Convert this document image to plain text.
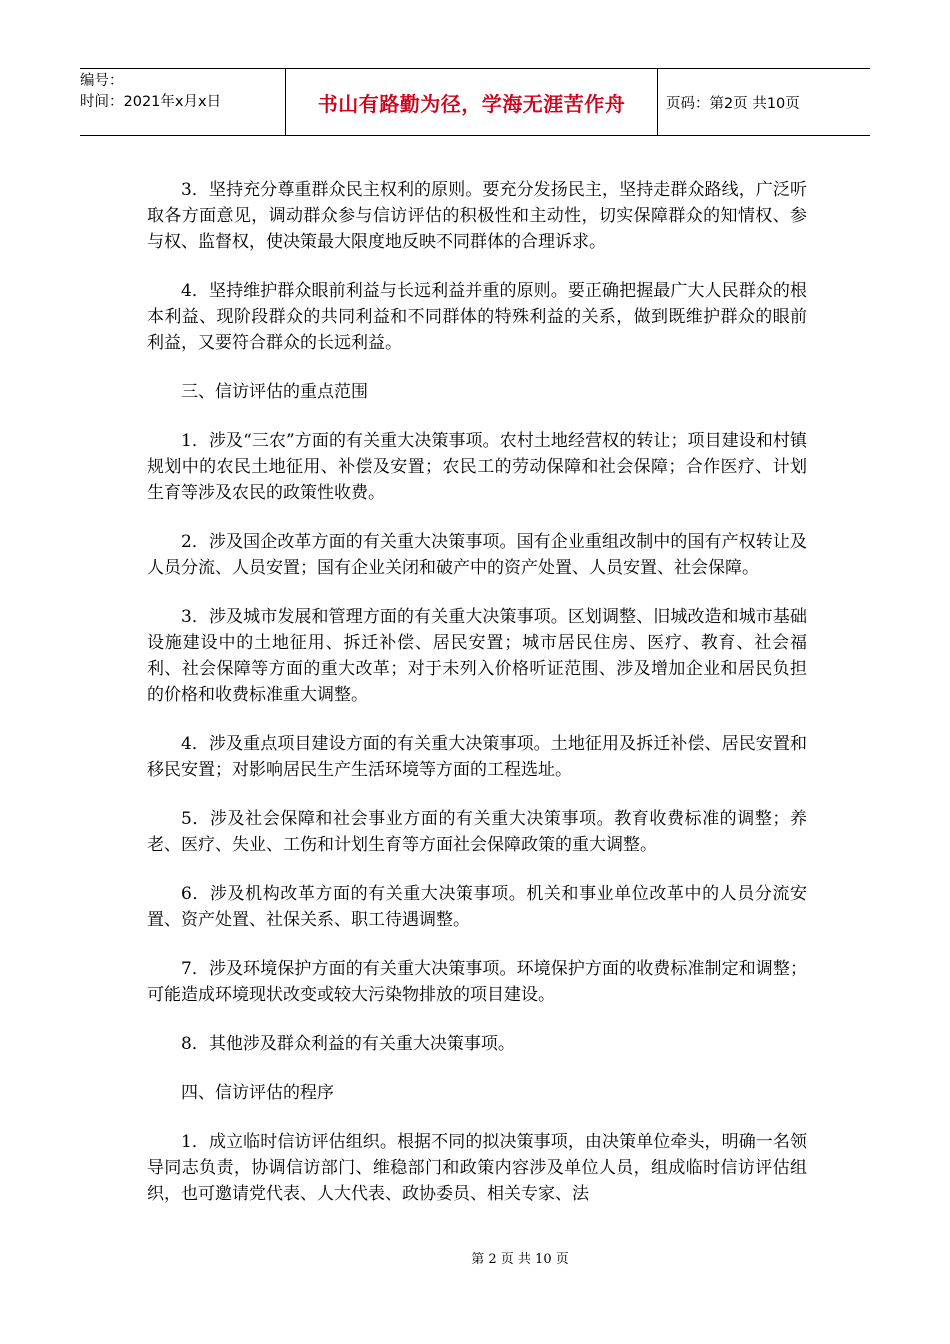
编号：
时间：2021年x月x日	书山有路勤为径，学海无涯苦作舟	页码：第2页 共10页

3．坚持充分尊重群众民主权利的原则。要充分发扬民主，坚持走群众路线，广泛听取各方面意见，调动群众参与信访评估的积极性和主动性，切实保障群众的知情权、参与权、监督权，使决策最大限度地反映不同群体的合理诉求。

4．坚持维护群众眼前利益与长远利益并重的原则。要正确把握最广大人民群众的根本利益、现阶段群众的共同利益和不同群体的特殊利益的关系，做到既维护群众的眼前利益，又要符合群众的长远利益。

三、信访评估的重点范围

1．涉及“三农”方面的有关重大决策事项。农村土地经营权的转让；项目建设和村镇规划中的农民土地征用、补偿及安置；农民工的劳动保障和社会保障；合作医疗、计划生育等涉及农民的政策性收费。

2．涉及国企改革方面的有关重大决策事项。国有企业重组改制中的国有产权转让及人员分流、人员安置；国有企业关闭和破产中的资产处置、人员安置、社会保障。

3．涉及城市发展和管理方面的有关重大决策事项。区划调整、旧城改造和城市基础设施建设中的土地征用、拆迁补偿、居民安置；城市居民住房、医疗、教育、社会福利、社会保障等方面的重大改革；对于未列入价格听证范围、涉及增加企业和居民负担的价格和收费标准重大调整。

4．涉及重点项目建设方面的有关重大决策事项。土地征用及拆迁补偿、居民安置和移民安置；对影响居民生产生活环境等方面的工程选址。

5．涉及社会保障和社会事业方面的有关重大决策事项。教育收费标准的调整；养老、医疗、失业、工伤和计划生育等方面社会保障政策的重大调整。

6．涉及机构改革方面的有关重大决策事项。机关和事业单位改革中的人员分流安置、资产处置、社保关系、职工待遇调整。

7．涉及环境保护方面的有关重大决策事项。环境保护方面的收费标准制定和调整；可能造成环境现状改变或较大污染物排放的项目建设。

8．其他涉及群众利益的有关重大决策事项。

四、信访评估的程序

1．成立临时信访评估组织。根据不同的拟决策事项，由决策单位牵头，明确一名领导同志负责，协调信访部门、维稳部门和政策内容涉及单位人员，组成临时信访评估组织，也可邀请党代表、人大代表、政协委员、相关专家、法

第 2 页 共 10 页
